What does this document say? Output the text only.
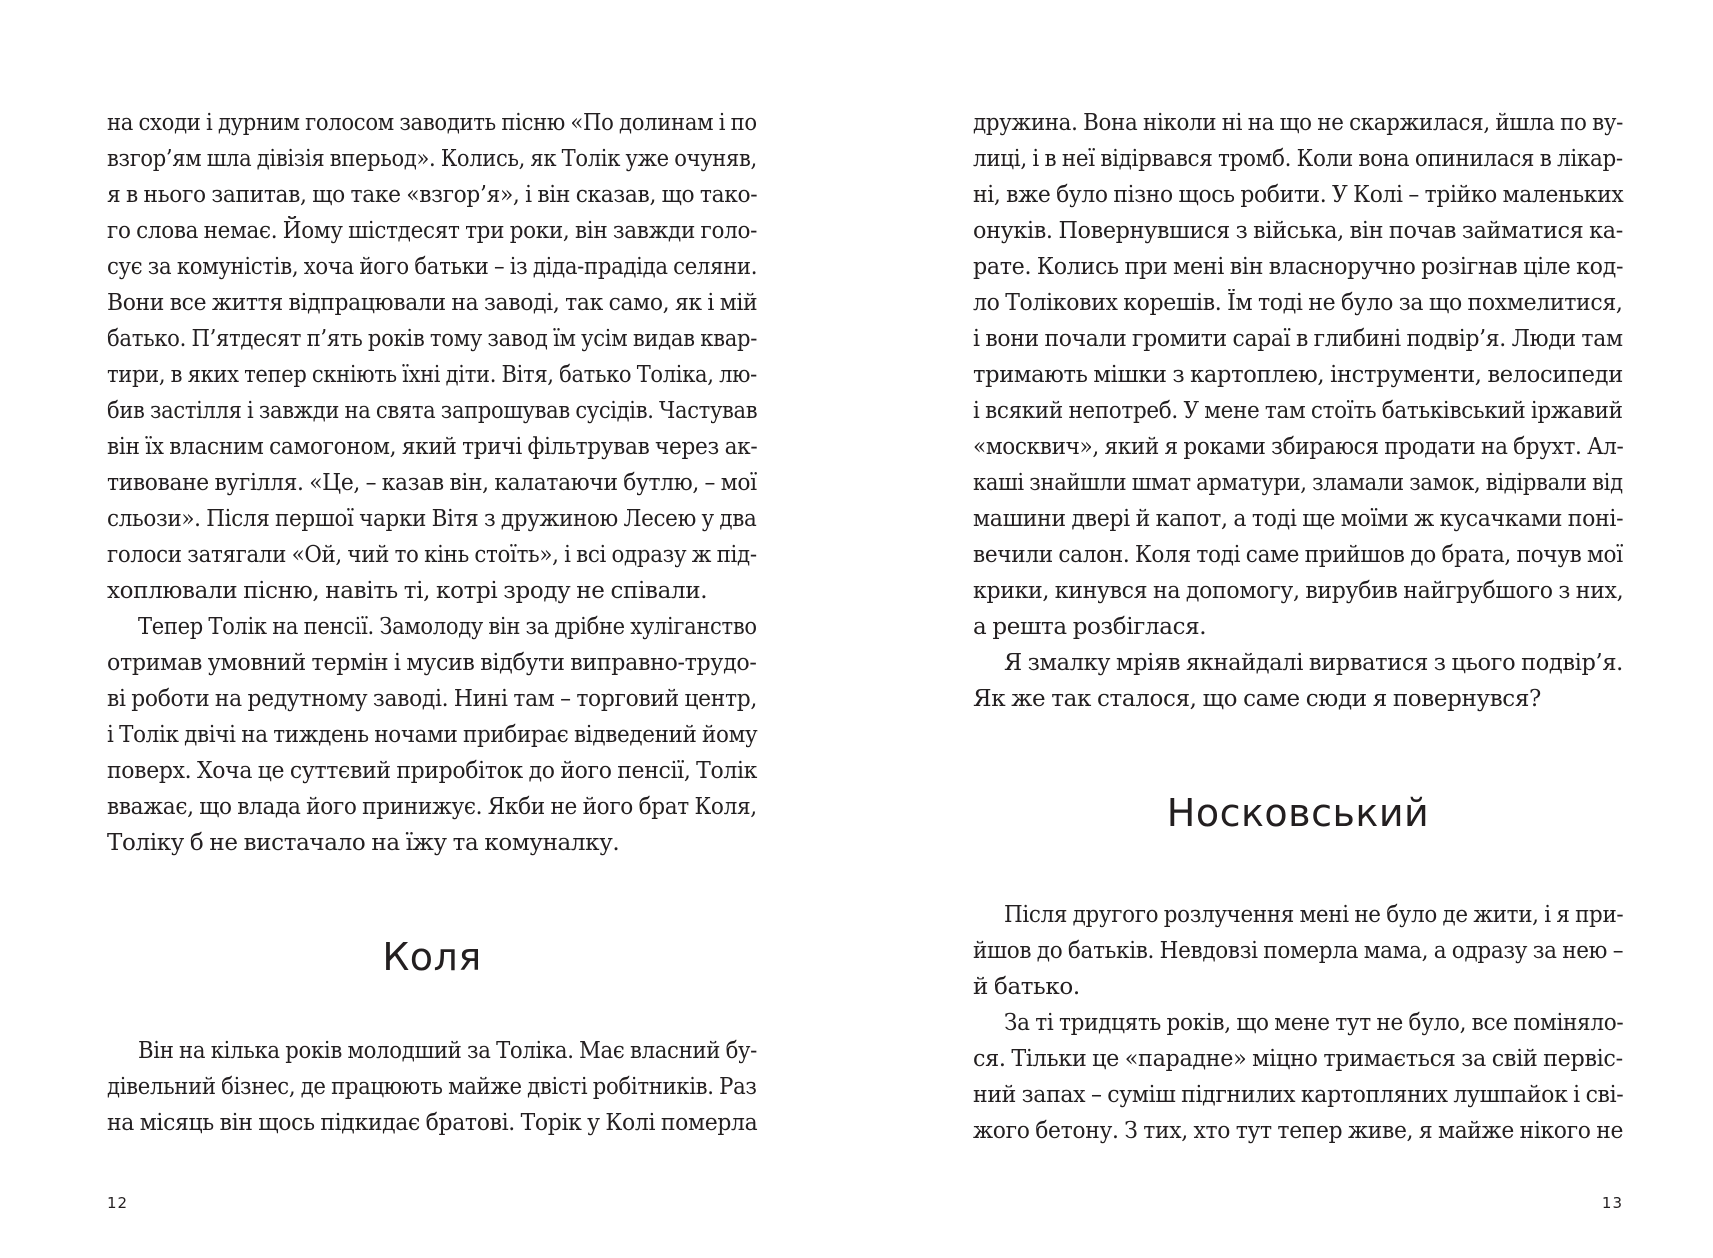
на сходи і дурним голосом заводить пісню «По долинам і по
взгор’ям шла дівізія вперьод». Колись, як Толік уже очуняв,
я в нього запитав, що таке «взгор’я», і він сказав, що тако-
го слова немає. Йому шістдесят три роки, він завжди голо-
сує за комуністів, хоча його батьки – із діда-прадіда селяни.
Вони все життя відпрацювали на заводі, так само, як і мій
батько. П’ятдесят п’ять років тому завод їм усім видав квар-
тири, в яких тепер скніють їхні діти. Вітя, батько Толіка, лю-
бив застілля і завжди на свята запрошував сусідів. Частував
він їх власним самогоном, який тричі фільтрував через ак-
тивоване вугілля. «Це, – казав він, калатаючи бутлю, – мої
сльози». Після першої чарки Вітя з дружиною Лесею у два
голоси затягали «Ой, чий то кінь стоїть», і всі одразу ж під-
хоплювали пісню, навіть ті, котрі зроду не співали.
Тепер Толік на пенсії. Замолоду він за дрібне хуліганство
отримав умовний термін і мусив відбути виправно-трудо-
ві роботи на редутному заводі. Нині там – торговий центр,
і Толік двічі на тиждень ночами прибирає відведений йому
поверх. Хоча це суттєвий приробіток до його пенсії, Толік
вважає, що влада його принижує. Якби не його брат Коля,
Толіку б не вистачало на їжу та комуналку.
Коля
Він на кілька років молодший за Толіка. Має власний бу-
дівельний бізнес, де працюють майже двісті робітників. Раз
на місяць він щось підкидає братові. Торік у Колі померла
12
дружина. Вона ніколи ні на що не скаржилася, йшла по ву-
лиці, і в неї відірвався тромб. Коли вона опинилася в лікар-
ні, вже було пізно щось робити. У Колі – трійко маленьких
онуків. Повернувшися з війська, він почав займатися ка-
рате. Колись при мені він власноручно розігнав ціле код-
ло Толікових корешів. Їм тоді не було за що похмелитися,
і вони почали громити сараї в глибині подвір’я. Люди там
тримають мішки з картоплею, інструменти, велосипеди
і всякий непотреб. У мене там стоїть батьківський іржавий
«москвич», який я роками збираюся продати на брухт. Ал-
каші знайшли шмат арматури, зламали замок, відірвали від
машини двері й капот, а тоді ще моїми ж кусачками поні-
вечили салон. Коля тоді саме прийшов до брата, почув мої
крики, кинувся на допомогу, вирубив найгрубшого з них,
а решта розбіглася.
Я змалку мріяв якнайдалі вирватися з цього подвір’я.
Як же так сталося, що саме сюди я повернувся?
Носковський
Після другого розлучення мені не було де жити, і я при-
йшов до батьків. Невдовзі померла мама, а одразу за нею –
й батько.
За ті тридцять років, що мене тут не було, все поміняло-
ся. Тільки це «парадне» міцно тримається за свій первіс-
ний запах – суміш підгнилих картопляних лушпайок і сві-
жого бетону. З тих, хто тут тепер живе, я майже нікого не
13
